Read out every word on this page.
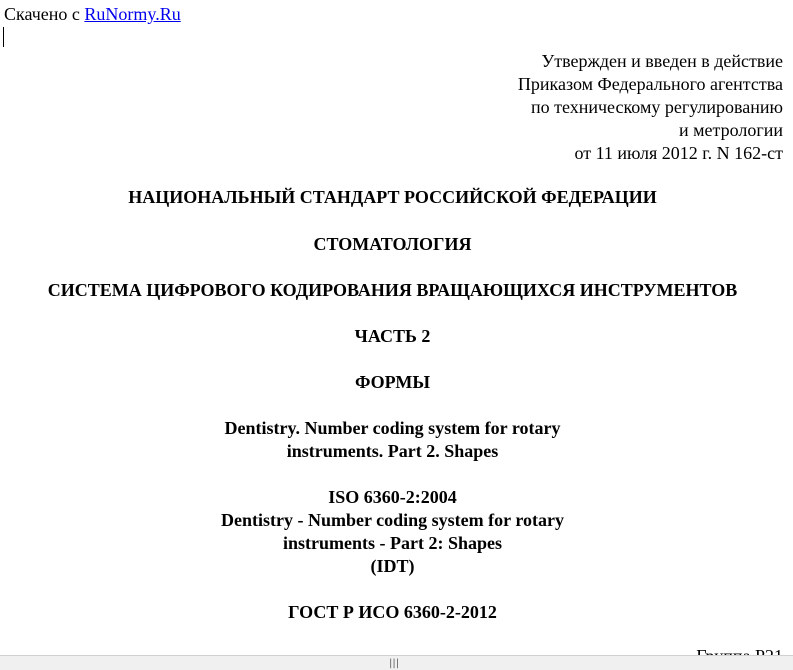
Скачено с RuNormy.Ru
Утвержден и введен в действие
Приказом Федерального агентства
по техническому регулированию
и метрологии
от 11 июля 2012 г. N 162-ст
НАЦИОНАЛЬНЫЙ СТАНДАРТ РОССИЙСКОЙ ФЕДЕРАЦИИ
СТОМАТОЛОГИЯ
СИСТЕМА ЦИФРОВОГО КОДИРОВАНИЯ ВРАЩАЮЩИХСЯ ИНСТРУМЕНТОВ
ЧАСТЬ 2
ФОРМЫ
Dentistry. Number coding system for rotary
instruments. Part 2. Shapes
ISO 6360-2:2004
Dentistry - Number coding system for rotary
instruments - Part 2: Shapes
(IDT)
ГОСТ Р ИСО 6360-2-2012
|||
